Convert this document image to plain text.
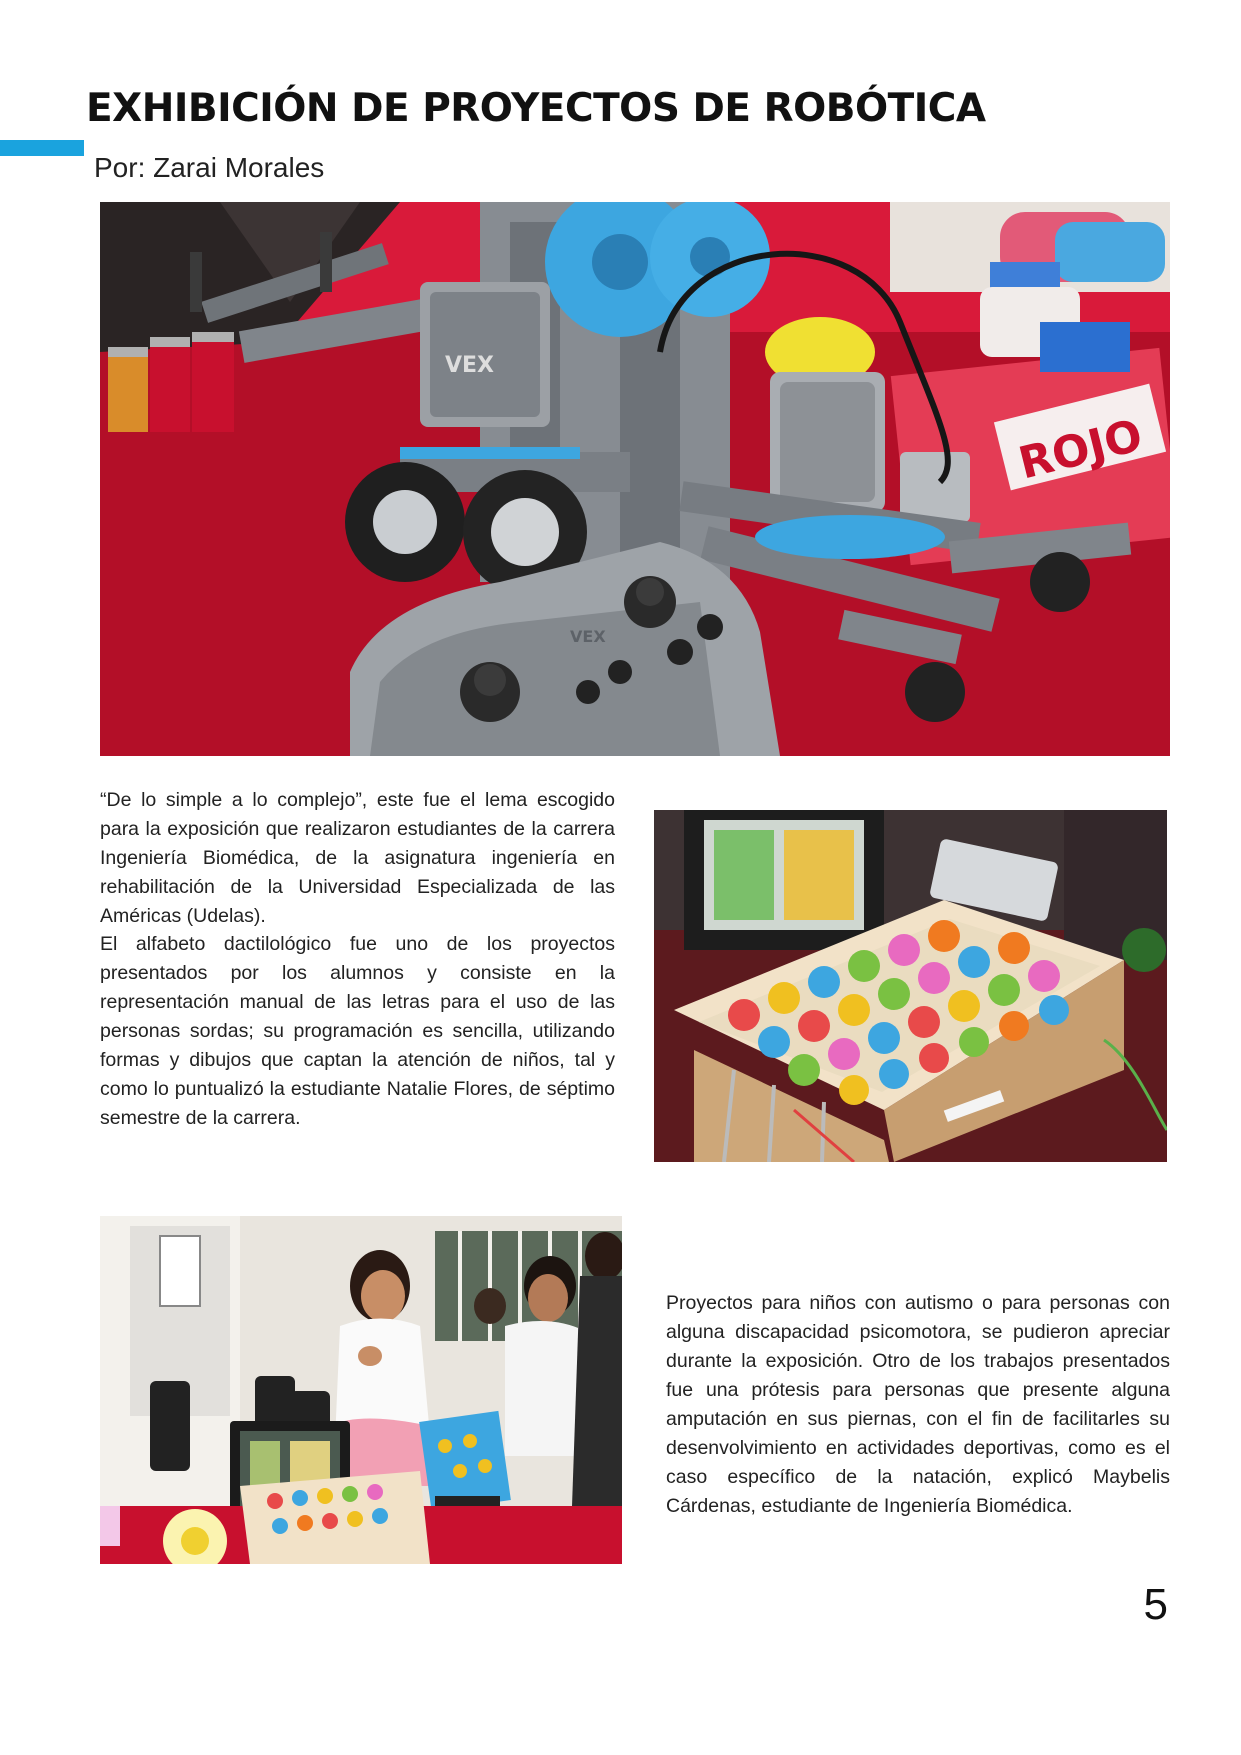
EXHIBICIÓN DE PROYECTOS DE ROBÓTICA
Por: Zarai Morales
ROJO
VEX
VEX

“De lo simple a lo complejo”, este fue el lema escogido para la exposición que realizaron estudiantes de la carrera Ingeniería Biomédica, de la asignatura ingeniería en rehabilitación de la Universidad Especializada de las Américas (Udelas).

El alfabeto dactilológico fue uno de los proyectos presentados por los alumnos y consiste en la representación manual de las letras para el uso de las personas sordas; su programación es sencilla, utilizando formas y dibujos que captan la atención de niños, tal y como lo puntualizó la estudiante Natalie Flores, de séptimo semestre de la carrera.

Proyectos para niños con autismo o para personas con alguna discapacidad psicomotora, se pudieron apreciar durante la exposición. Otro de los trabajos presentados fue una prótesis para personas que presente alguna amputación en sus piernas, con el fin de facilitarles su desenvolvimiento en actividades deportivas, como es el caso específico de la natación, explicó Maybelis Cárdenas, estudiante de Ingeniería Biomédica.

5
